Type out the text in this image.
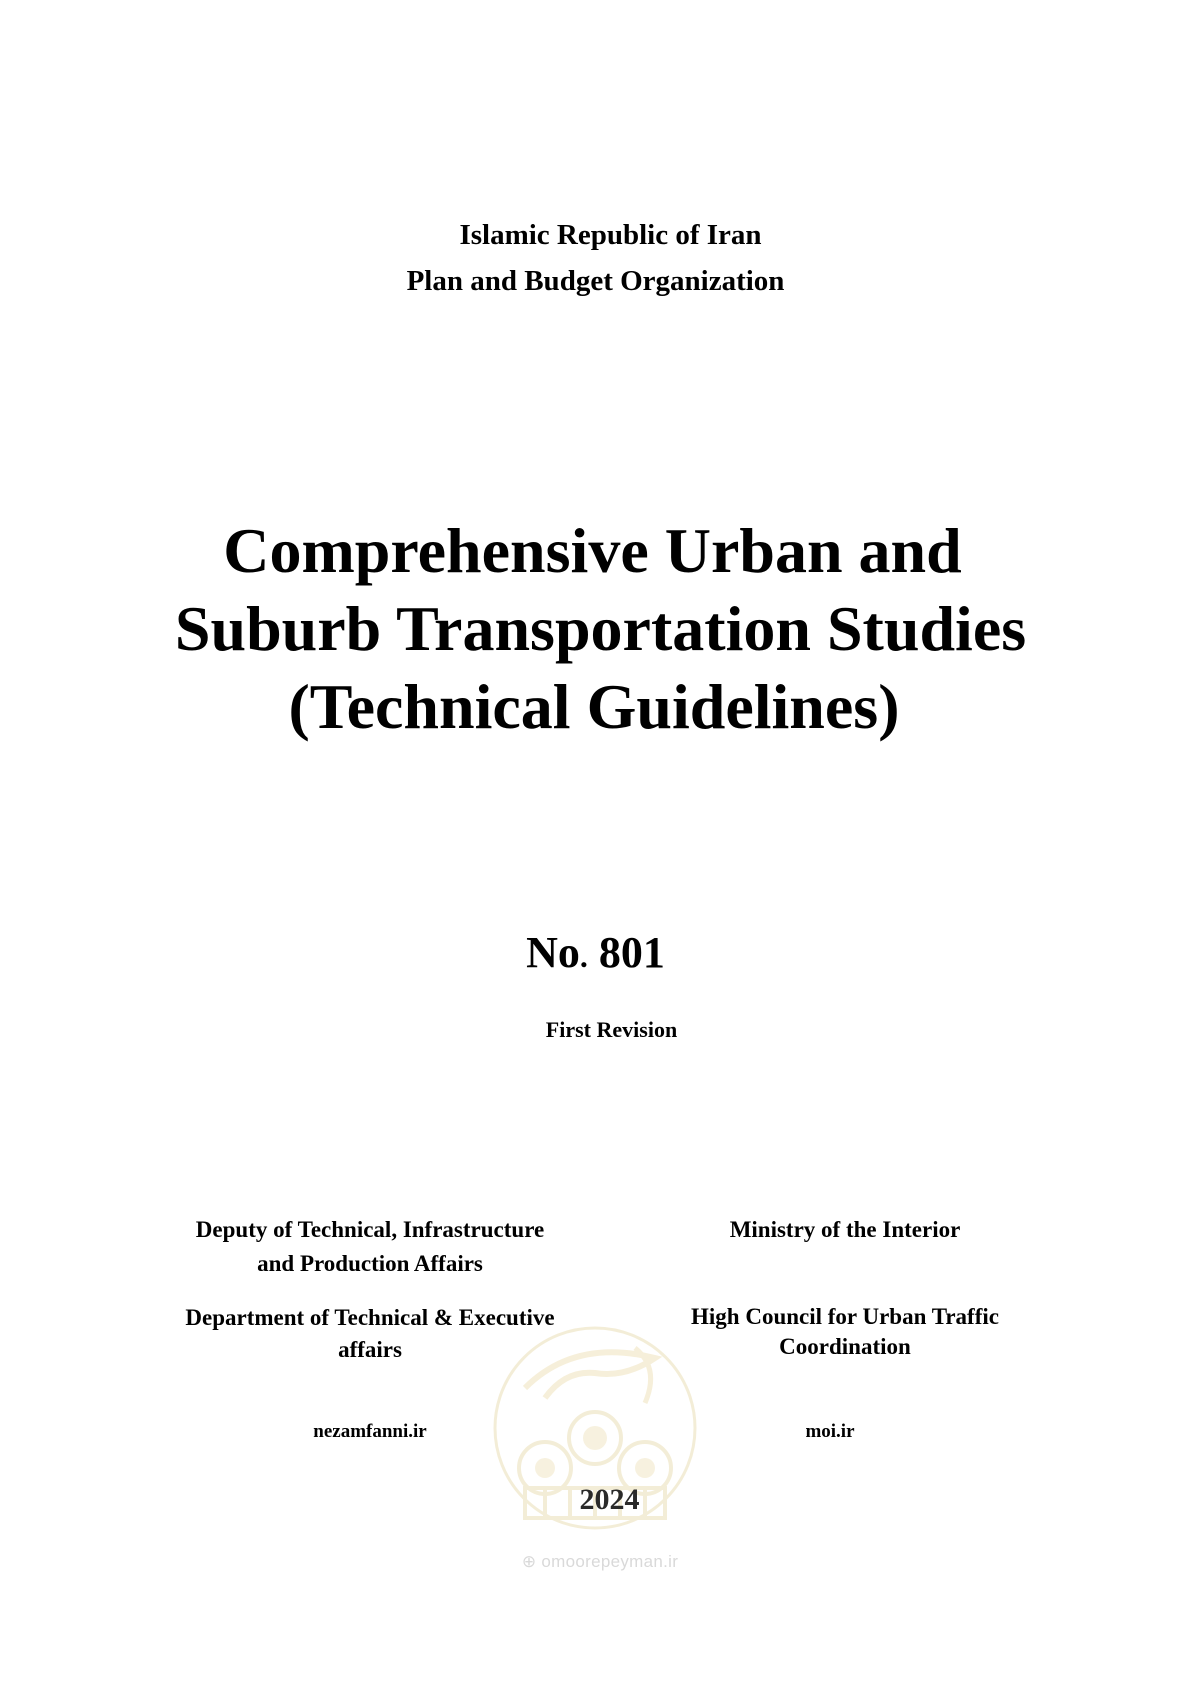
Islamic Republic of Iran
Plan and Budget Organization
Comprehensive Urban and
Suburb Transportation Studies
(Technical Guidelines)
No. 801
First Revision
Deputy of Technical, Infrastructure
and Production Affairs
Ministry of the Interior
Department of Technical & Executive
affairs
High Council for Urban Traffic
Coordination
nezamfanni.ir	moi.ir
2024
⊕ omoorepeyman.ir
